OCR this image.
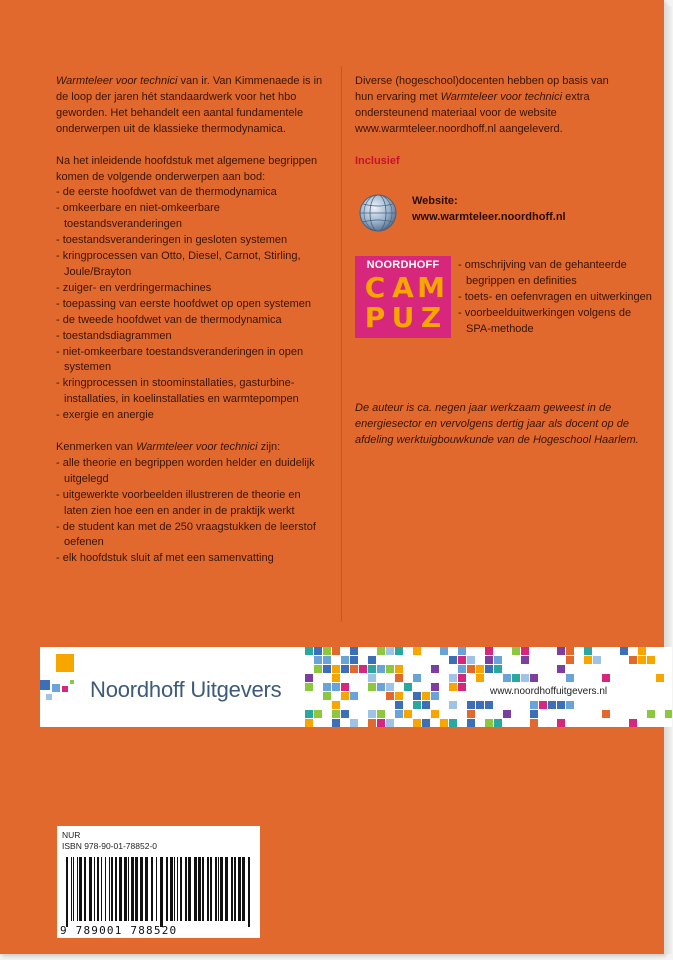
Warmteleer voor technici van ir. Van Kimmenaede is in de loop der jaren hét standaardwerk voor het hbo geworden. Het behandelt een aantal fundamentele onderwerpen uit de klassieke thermodynamica.

Na het inleidende hoofdstuk met algemene begrippen komen de volgende onderwerpen aan bod:

- de eerste hoofdwet van de thermodynamica
- omkeerbare en niet-omkeerbare toestandsveranderingen
- toestandsveranderingen in gesloten systemen
- kringprocessen van Otto, Diesel, Carnot, Stirling, Joule/Brayton
- zuiger- en verdringermachines
- toepassing van eerste hoofdwet op open systemen
- de tweede hoofdwet van de thermodynamica
- toestandsdiagrammen
- niet-omkeerbare toestandsveranderingen in open systemen
- kringprocessen in stoominstallaties, gasturbine-installaties, in koelinstallaties en warmtepompen
- exergie en anergie

Kenmerken van Warmteleer voor technici zijn:

- alle theorie en begrippen worden helder en duidelijk uitgelegd
- uitgewerkte voorbeelden illustreren de theorie en laten zien hoe een en ander in de praktijk werkt
- de student kan met de 250 vraagstukken de leerstof oefenen
- elk hoofdstuk sluit af met een samenvatting

Diverse (hogeschool)docenten hebben op basis van hun ervaring met Warmteleer voor technici extra ondersteunend materiaal voor de website www.warmteleer.noordhoff.nl aangeleverd.

Inclusief

Website:
www.warmteleer.noordhoff.nl
NOORDHOFF
C A M
P U Z
- omschrijving van de gehanteerde begrippen en definities
- toets- en oefenvragen en uitwerkingen
- voorbeelduitwerkingen volgens de SPA-methode

De auteur is ca. negen jaar werkzaam geweest in de energiesector en vervolgens dertig jaar als docent op de afdeling werktuigbouwkunde van de Hogeschool Haarlem.

Noordhoff Uitgevers	www.noordhoffuitgevers.nl
NUR
ISBN 978-90-01-78852-0
9 789001 788520
